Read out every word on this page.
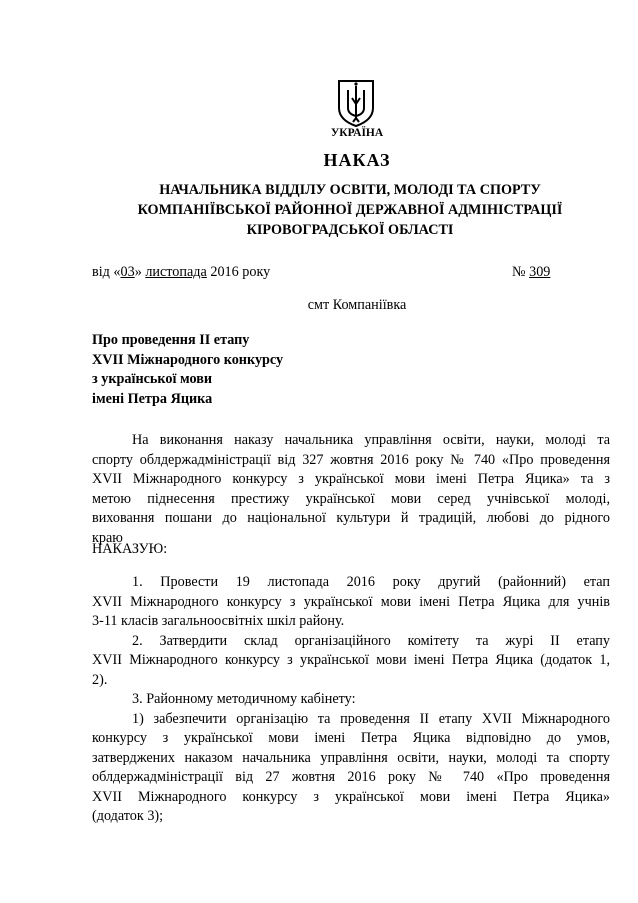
УКРАЇНА
НАКАЗ
НАЧАЛЬНИКА ВІДДІЛУ ОСВІТИ, МОЛОДІ ТА СПОРТУ
КОМПАНІЇВСЬКОЇ РАЙОННОЇ ДЕРЖАВНОЇ АДМІНІСТРАЦІЇ
КІРОВОГРАДСЬКОЇ ОБЛАСТІ
від «03» листопада 2016 року	№ 309
смт Компаніївка
Про проведення ІІ етапу
XVІІ Міжнародного конкурсу
з української мови
імені Петра Яцика
На виконання наказу начальника управління освіти, науки, молоді та
спорту облдержадміністрації від 327 жовтня 2016 року № 740 «Про проведення
XVІІ Міжнародного конкурсу з української мови імені Петра Яцика» та з
метою піднесення престижу української мови серед учнівської молоді,
виховання пошани до національної культури й традицій, любові до рідного
краю
НАКАЗУЮ:
1. Провести 19 листопада 2016 року другий (районний) етап
XVІІ Міжнародного конкурсу з української мови імені Петра Яцика для учнів
3-11 класів загальноосвітніх шкіл району.
2. Затвердити склад організаційного комітету та журі ІІ етапу
XVІІ Міжнародного конкурсу з української мови імені Петра Яцика (додаток 1,
2).
3. Районному методичному кабінету:
1) забезпечити організацію та проведення ІІ етапу XVІІ Міжнародного
конкурсу з української мови імені Петра Яцика відповідно до умов,
затверджених наказом начальника управління освіти, науки, молоді та спорту
облдержадміністрації від 27 жовтня 2016 року № 740 «Про проведення
XVІІ Міжнародного конкурсу з української мови імені Петра Яцика»
(додаток 3);
